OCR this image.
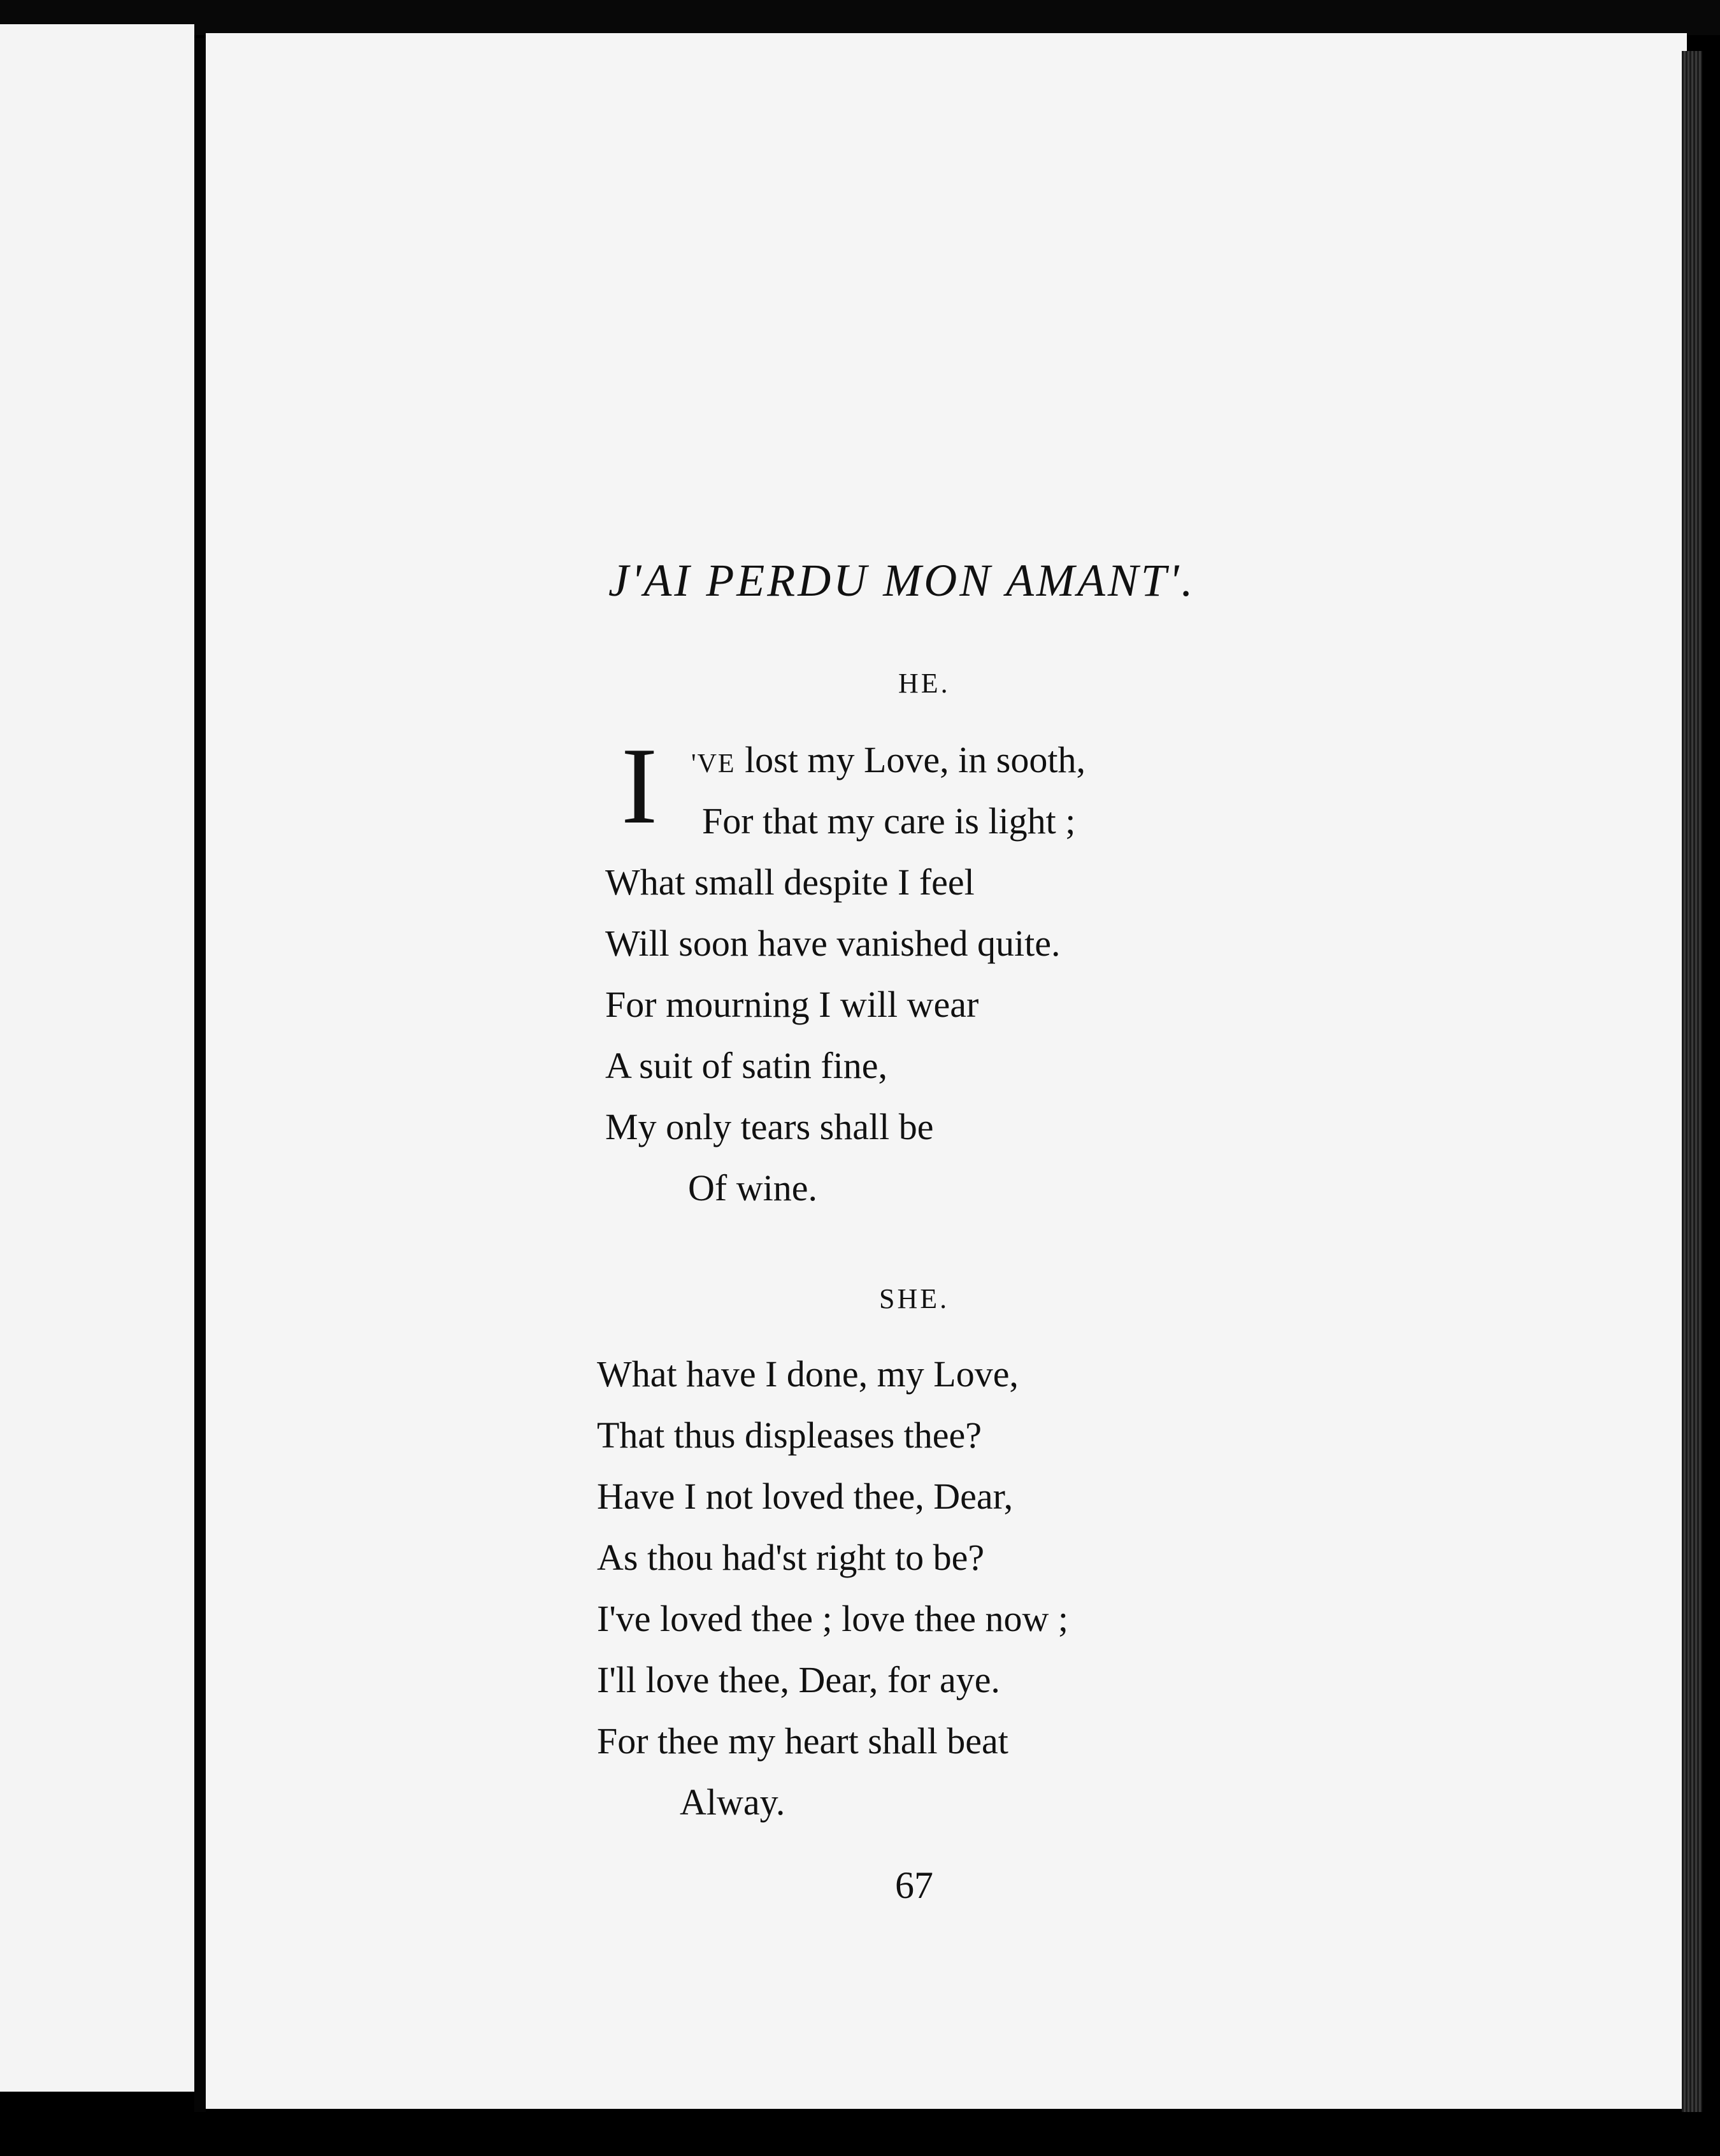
J'AI PERDU MON AMANT'.

HE.

I 'VE lost my Love, in sooth,
For that my care is light ;
What small despite I feel
Will soon have vanished quite.
For mourning I will wear
A suit of satin fine,
My only tears shall be
Of wine.

SHE.

What have I done, my Love,
That thus displeases thee?
Have I not loved thee, Dear,
As thou had'st right to be?
I've loved thee ; love thee now ;
I'll love thee, Dear, for aye.
For thee my heart shall beat
Alway.

67
